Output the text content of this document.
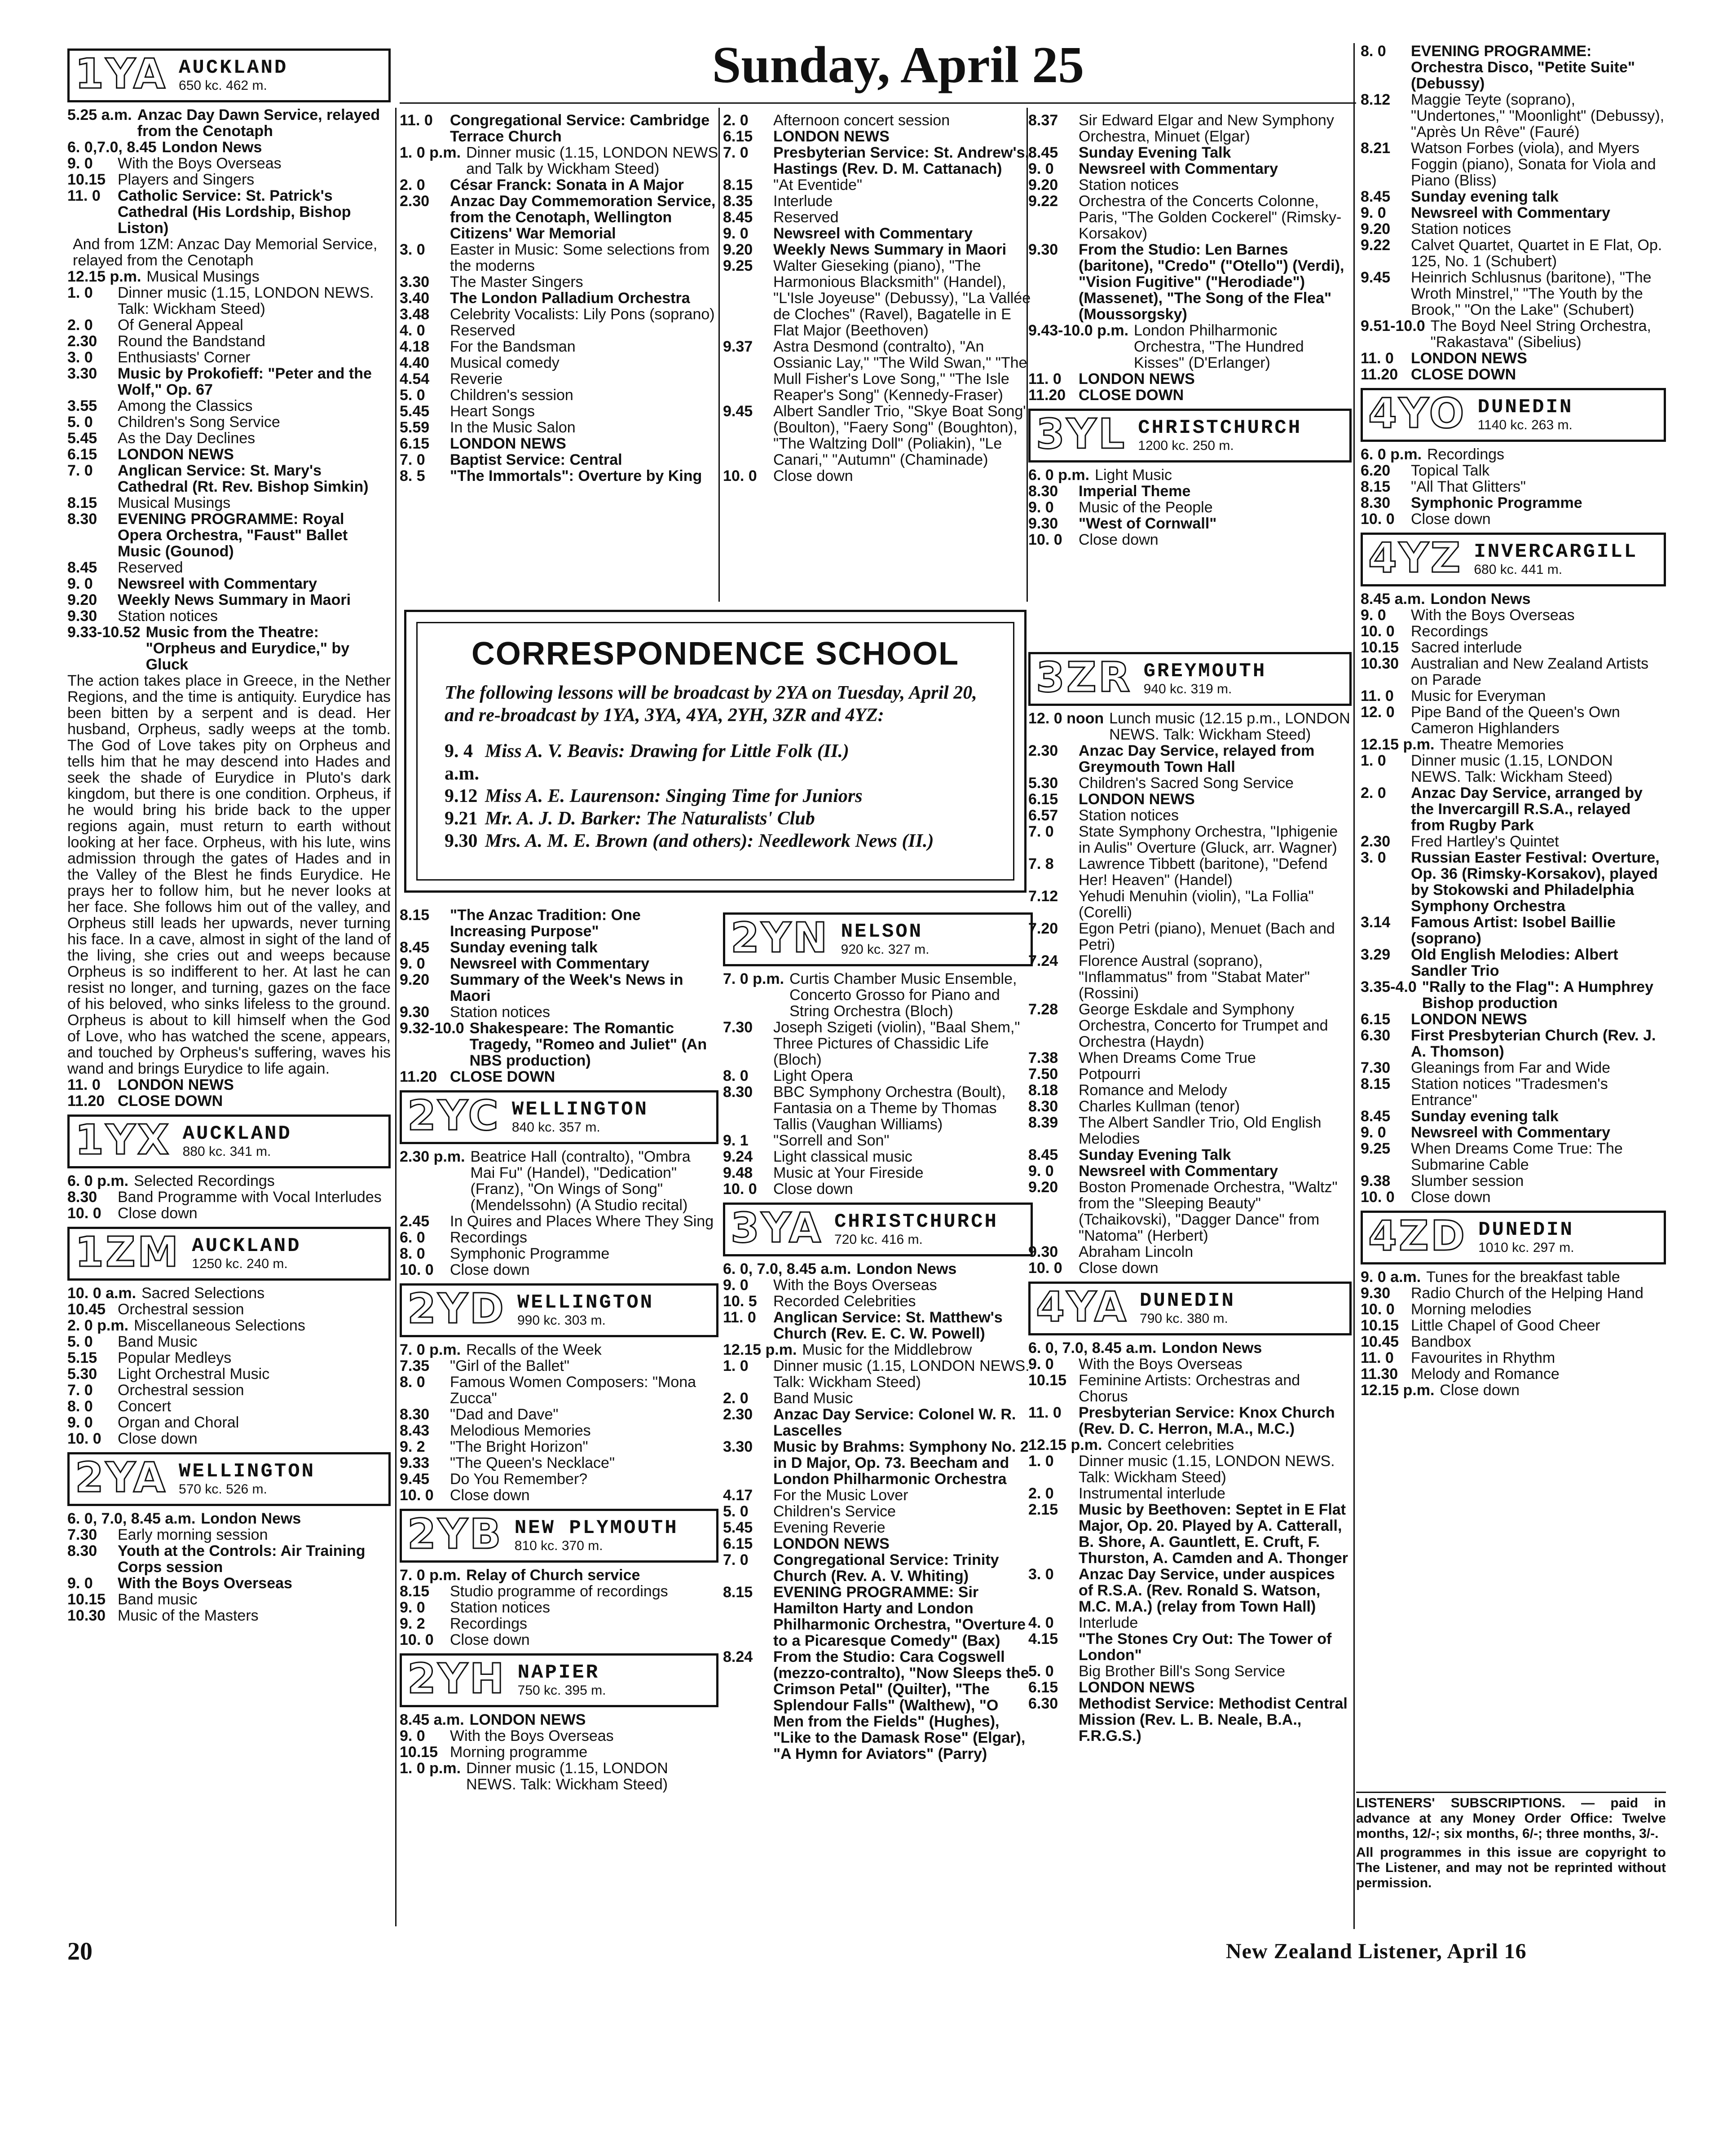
Sunday, April 25
1YA AUCKLAND
650 kc. 462 m.
5.25 a.m. Anzac Day Dawn Service, relayed from the Cenotaph
6. 0,7.0, 8.45 London News
9. 0	With the Boys Overseas
10.15 Players and Singers
11. 0	Catholic Service: St. Patrick's Cathedral (His Lordship, Bishop Liston)
And from 1ZM: Anzac Day Memorial Service, relayed from the Cenotaph
12.15 p.m. Musical Musings
1. 0	Dinner music (1.15, LONDON NEWS. Talk: Wickham Steed)
2. 0	Of General Appeal
2.30	Round the Bandstand
3. 0	Enthusiasts' Corner
3.30	Music by Prokofieff: "Peter and the Wolf," Op. 67
3.55	Among the Classics
5. 0	Children's Song Service
5.45	As the Day Declines
6.15	LONDON NEWS
7. 0	Anglican Service: St. Mary's Cathedral (Rt. Rev. Bishop Simkin)
8.15	Musical Musings
8.30	EVENING PROGRAMME: Royal Opera Orchestra, "Faust" Ballet Music (Gounod)
8.45	Reserved
9. 0	Newsreel with Commentary
9.20	Weekly News Summary in Maori
9.30	Station notices
9.33-10.52 Music from the Theatre: "Orpheus and Eurydice," by Gluck

The action takes place in Greece, in the Nether Regions, and the time is antiquity. Eurydice has been bitten by a serpent and is dead. Her husband, Orpheus, sadly weeps at the tomb. The God of Love takes pity on Orpheus and tells him that he may descend into Hades and seek the shade of Eurydice in Pluto's dark kingdom, but there is one condition. Orpheus, if he would bring his bride back to the upper regions again, must return to earth without looking at her face. Orpheus, with his lute, wins admission through the gates of Hades and in the Valley of the Blest he finds Eurydice. He prays her to follow him, but he never looks at her face. She follows him out of the valley, and Orpheus still leads her upwards, never turning his face. In a cave, almost in sight of the land of the living, she cries out and weeps because Orpheus is so indifferent to her. At last he can resist no longer, and turning, gazes on the face of his beloved, who sinks lifeless to the ground. Orpheus is about to kill himself when the God of Love, who has watched the scene, appears, and touched by Orpheus's suffering, waves his wand and brings Eurydice to life again.

11. 0	LONDON NEWS
11.20 CLOSE DOWN
1YX AUCKLAND
880 kc. 341 m.
6. 0 p.m. Selected Recordings
8.30	Band Programme with Vocal Interludes
10. 0	Close down
1ZM AUCKLAND
1250 kc. 240 m.
10. 0 a.m. Sacred Selections
10.45 Orchestral session
2. 0 p.m. Miscellaneous Selections
5. 0	Band Music
5.15	Popular Medleys
5.30	Light Orchestral Music
7. 0	Orchestral session
8. 0	Concert
9. 0	Organ and Choral
10. 0	Close down
2YA WELLINGTON
570 kc. 526 m.
6. 0, 7.0, 8.45 a.m. London News
7.30	Early morning session
8.30	Youth at the Controls: Air Training Corps session
9. 0	With the Boys Overseas
10.15 Band music
10.30 Music of the Masters
11. 0	Congregational Service: Cambridge Terrace Church
1. 0 p.m. Dinner music (1.15, LONDON NEWS and Talk by Wickham Steed)
2. 0	César Franck: Sonata in A Major
2.30	Anzac Day Commemoration Service, from the Cenotaph, Wellington Citizens' War Memorial
3. 0	Easter in Music: Some selections from the moderns
3.30	The Master Singers
3.40	The London Palladium Orchestra
3.48	Celebrity Vocalists: Lily Pons (soprano)
4. 0	Reserved
4.18	For the Bandsman
4.40	Musical comedy
4.54	Reverie
5. 0	Children's session
5.45	Heart Songs
5.59	In the Music Salon
6.15	LONDON NEWS
7. 0	Baptist Service: Central
8. 5	"The Immortals": Overture by King
2. 0	Afternoon concert session
6.15	LONDON NEWS
7. 0	Presbyterian Service: St. Andrew's, Hastings (Rev. D. M. Cattanach)
8.15	"At Eventide"
8.35	Interlude
8.45	Reserved
9. 0	Newsreel with Commentary
9.20	Weekly News Summary in Maori
9.25	Walter Gieseking (piano), "The Harmonious Blacksmith" (Handel), "L'Isle Joyeuse" (Debussy), "La Vallée de Cloches" (Ravel), Bagatelle in E Flat Major (Beethoven)
9.37	Astra Desmond (contralto), "An Ossianic Lay," "The Wild Swan," "The Mull Fisher's Love Song," "The Isle Reaper's Song" (Kennedy-Fraser)
9.45	Albert Sandler Trio, "Skye Boat Song" (Boulton), "Faery Song" (Boughton), "The Waltzing Doll" (Poliakin), "Le Canari," "Autumn" (Chaminade)
10. 0	Close down
8.37	Sir Edward Elgar and New Symphony Orchestra, Minuet (Elgar)
8.45	Sunday Evening Talk
9. 0	Newsreel with Commentary
9.20	Station notices
9.22	Orchestra of the Concerts Colonne, Paris, "The Golden Cockerel" (Rimsky-Korsakov)
9.30	From the Studio: Len Barnes (baritone), "Credo" ("Otello") (Verdi), "Vision Fugitive" ("Herodiade") (Massenet), "The Song of the Flea" (Moussorgsky)
9.43-10.0 p.m. London Philharmonic Orchestra, "The Hundred Kisses" (D'Erlanger)
11. 0	LONDON NEWS
11.20 CLOSE DOWN
3YL CHRISTCHURCH
1200 kc. 250 m.
6. 0 p.m. Light Music
8.30	Imperial Theme
9. 0	Music of the People
9.30	"West of Cornwall"
10. 0	Close down
CORRESPONDENCE SCHOOL

The following lessons will be broadcast by 2YA on Tuesday, April 20, and re-broadcast by 1YA, 3YA, 4YA, 2YH, 3ZR and 4YZ:

9. 4 a.m.
Miss A. V. Beavis: Drawing for Little Folk (II.)
9.12 Miss A. E. Laurenson: Singing Time for Juniors
9.21 Mr. A. J. D. Barker: The Naturalists' Club
9.30 Mrs. A. M. E. Brown (and others): Needlework News (II.)
8.15	"The Anzac Tradition: One Increasing Purpose"
8.45	Sunday evening talk
9. 0	Newsreel with Commentary
9.20	Summary of the Week's News in Maori
9.30	Station notices
9.32-10.0 Shakespeare: The Romantic Tragedy, "Romeo and Juliet" (An NBS production)
11.20 CLOSE DOWN
2YC WELLINGTON
840 kc. 357 m.
2.30 p.m. Beatrice Hall (contralto), "Ombra Mai Fu" (Handel), "Dedication" (Franz), "On Wings of Song" (Mendelssohn) (A Studio recital)
2.45	In Quires and Places Where They Sing
6. 0	Recordings
8. 0	Symphonic Programme
10. 0	Close down
2YD WELLINGTON
990 kc. 303 m.
7. 0 p.m. Recalls of the Week
7.35	"Girl of the Ballet"
8. 0	Famous Women Composers: "Mona Zucca"
8.30	"Dad and Dave"
8.43	Melodious Memories
9. 2	"The Bright Horizon"
9.33	"The Queen's Necklace"
9.45	Do You Remember?
10. 0	Close down
2YB NEW PLYMOUTH
810 kc. 370 m.
7. 0 p.m. Relay of Church service
8.15	Studio programme of recordings
9. 0	Station notices
9. 2	Recordings
10. 0	Close down
2YH NAPIER
750 kc. 395 m.
8.45 a.m. LONDON NEWS
9. 0	With the Boys Overseas
10.15 Morning programme
1. 0 p.m. Dinner music (1.15, LONDON NEWS. Talk: Wickham Steed)
2YN NELSON
920 kc. 327 m.
7. 0 p.m. Curtis Chamber Music Ensemble, Concerto Grosso for Piano and String Orchestra (Bloch)
7.30	Joseph Szigeti (violin), "Baal Shem," Three Pictures of Chassidic Life (Bloch)
8. 0	Light Opera
8.30	BBC Symphony Orchestra (Boult), Fantasia on a Theme by Thomas Tallis (Vaughan Williams)
9. 1	"Sorrell and Son"
9.24	Light classical music
9.48	Music at Your Fireside
10. 0	Close down
3YA CHRISTCHURCH
720 kc. 416 m.
6. 0, 7.0, 8.45 a.m. London News
9. 0	With the Boys Overseas
10. 5	Recorded Celebrities
11. 0	Anglican Service: St. Matthew's Church (Rev. E. C. W. Powell)
12.15 p.m. Music for the Middlebrow
1. 0	Dinner music (1.15, LONDON NEWS. Talk: Wickham Steed)
2. 0	Band Music
2.30	Anzac Day Service: Colonel W. R. Lascelles
3.30	Music by Brahms: Symphony No. 2 in D Major, Op. 73. Beecham and London Philharmonic Orchestra
4.17	For the Music Lover
5. 0	Children's Service
5.45	Evening Reverie
6.15	LONDON NEWS
7. 0	Congregational Service: Trinity Church (Rev. A. V. Whiting)
8.15	EVENING PROGRAMME: Sir Hamilton Harty and London Philharmonic Orchestra, "Overture to a Picaresque Comedy" (Bax)
8.24	From the Studio: Cara Cogswell (mezzo-contralto), "Now Sleeps the Crimson Petal" (Quilter), "The Splendour Falls" (Walthew), "O Men from the Fields" (Hughes), "Like to the Damask Rose" (Elgar), "A Hymn for Aviators" (Parry)
3ZR GREYMOUTH
940 kc. 319 m.
12. 0 noon Lunch music (12.15 p.m., LONDON NEWS. Talk: Wickham Steed)
2.30	Anzac Day Service, relayed from Greymouth Town Hall
5.30	Children's Sacred Song Service
6.15	LONDON NEWS
6.57	Station notices
7. 0	State Symphony Orchestra, "Iphigenie in Aulis" Overture (Gluck, arr. Wagner)
7. 8	Lawrence Tibbett (baritone), "Defend Her! Heaven" (Handel)
7.12	Yehudi Menuhin (violin), "La Follia" (Corelli)
7.20	Egon Petri (piano), Menuet (Bach and Petri)
7.24	Florence Austral (soprano), "Inflammatus" from "Stabat Mater" (Rossini)
7.28	George Eskdale and Symphony Orchestra, Concerto for Trumpet and Orchestra (Haydn)
7.38	When Dreams Come True
7.50	Potpourri
8.18	Romance and Melody
8.30	Charles Kullman (tenor)
8.39	The Albert Sandler Trio, Old English Melodies
8.45	Sunday Evening Talk
9. 0	Newsreel with Commentary
9.20	Boston Promenade Orchestra, "Waltz" from the "Sleeping Beauty" (Tchaikovski), "Dagger Dance" from "Natoma" (Herbert)
9.30	Abraham Lincoln
10. 0	Close down
4YA DUNEDIN
790 kc. 380 m.
6. 0, 7.0, 8.45 a.m. London News
9. 0	With the Boys Overseas
10.15 Feminine Artists: Orchestras and Chorus
11. 0	Presbyterian Service: Knox Church (Rev. D. C. Herron, M.A., M.C.)
12.15 p.m. Concert celebrities
1. 0	Dinner music (1.15, LONDON NEWS. Talk: Wickham Steed)
2. 0	Instrumental interlude
2.15	Music by Beethoven: Septet in E Flat Major, Op. 20. Played by A. Catterall, B. Shore, A. Gauntlett, E. Cruft, F. Thurston, A. Camden and A. Thonger
3. 0	Anzac Day Service, under auspices of R.S.A. (Rev. Ronald S. Watson, M.C. M.A.) (relay from Town Hall)
4. 0	Interlude
4.15	"The Stones Cry Out: The Tower of London"
5. 0	Big Brother Bill's Song Service
6.15	LONDON NEWS
6.30	Methodist Service: Methodist Central Mission (Rev. L. B. Neale, B.A., F.R.G.S.)
8. 0	EVENING PROGRAMME: Orchestra Disco, "Petite Suite" (Debussy)
8.12	Maggie Teyte (soprano), "Undertones," "Moonlight" (Debussy), "Après Un Rêve" (Fauré)
8.21	Watson Forbes (viola), and Myers Foggin (piano), Sonata for Viola and Piano (Bliss)
8.45	Sunday evening talk
9. 0	Newsreel with Commentary
9.20	Station notices
9.22	Calvet Quartet, Quartet in E Flat, Op. 125, No. 1 (Schubert)
9.45	Heinrich Schlusnus (baritone), "The Wroth Minstrel," "The Youth by the Brook," "On the Lake" (Schubert)
9.51-10.0 The Boyd Neel String Orchestra, "Rakastava" (Sibelius)
11. 0	LONDON NEWS
11.20 CLOSE DOWN
4YO DUNEDIN
1140 kc. 263 m.
6. 0 p.m. Recordings
6.20	Topical Talk
8.15	"All That Glitters"
8.30	Symphonic Programme
10. 0	Close down
4YZ INVERCARGILL
680 kc. 441 m.
8.45 a.m. London News
9. 0	With the Boys Overseas
10. 0	Recordings
10.15 Sacred interlude
10.30 Australian and New Zealand Artists on Parade
11. 0	Music for Everyman
12. 0	Pipe Band of the Queen's Own Cameron Highlanders
12.15 p.m. Theatre Memories
1. 0	Dinner music (1.15, LONDON NEWS. Talk: Wickham Steed)
2. 0	Anzac Day Service, arranged by the Invercargill R.S.A., relayed from Rugby Park
2.30	Fred Hartley's Quintet
3. 0	Russian Easter Festival: Overture, Op. 36 (Rimsky-Korsakov), played by Stokowski and Philadelphia Symphony Orchestra
3.14	Famous Artist: Isobel Baillie (soprano)
3.29	Old English Melodies: Albert Sandler Trio
3.35-4.0 "Rally to the Flag": A Humphrey Bishop production
6.15	LONDON NEWS
6.30	First Presbyterian Church (Rev. J. A. Thomson)
7.30	Gleanings from Far and Wide
8.15	Station notices "Tradesmen's Entrance"
8.45	Sunday evening talk
9. 0	Newsreel with Commentary
9.25	When Dreams Come True: The Submarine Cable
9.38	Slumber session
10. 0	Close down
4ZD DUNEDIN
1010 kc. 297 m.
9. 0 a.m. Tunes for the breakfast table
9.30	Radio Church of the Helping Hand
10. 0	Morning melodies
10.15 Little Chapel of Good Cheer
10.45 Bandbox
11. 0	Favourites in Rhythm
11.30 Melody and Romance
12.15 p.m. Close down

LISTENERS' SUBSCRIPTIONS. — paid in advance at any Money Order Office: Twelve months, 12/-; six months, 6/-; three months, 3/-.

All programmes in this issue are copyright to The Listener, and may not be reprinted without permission.

20	New Zealand Listener, April 16
